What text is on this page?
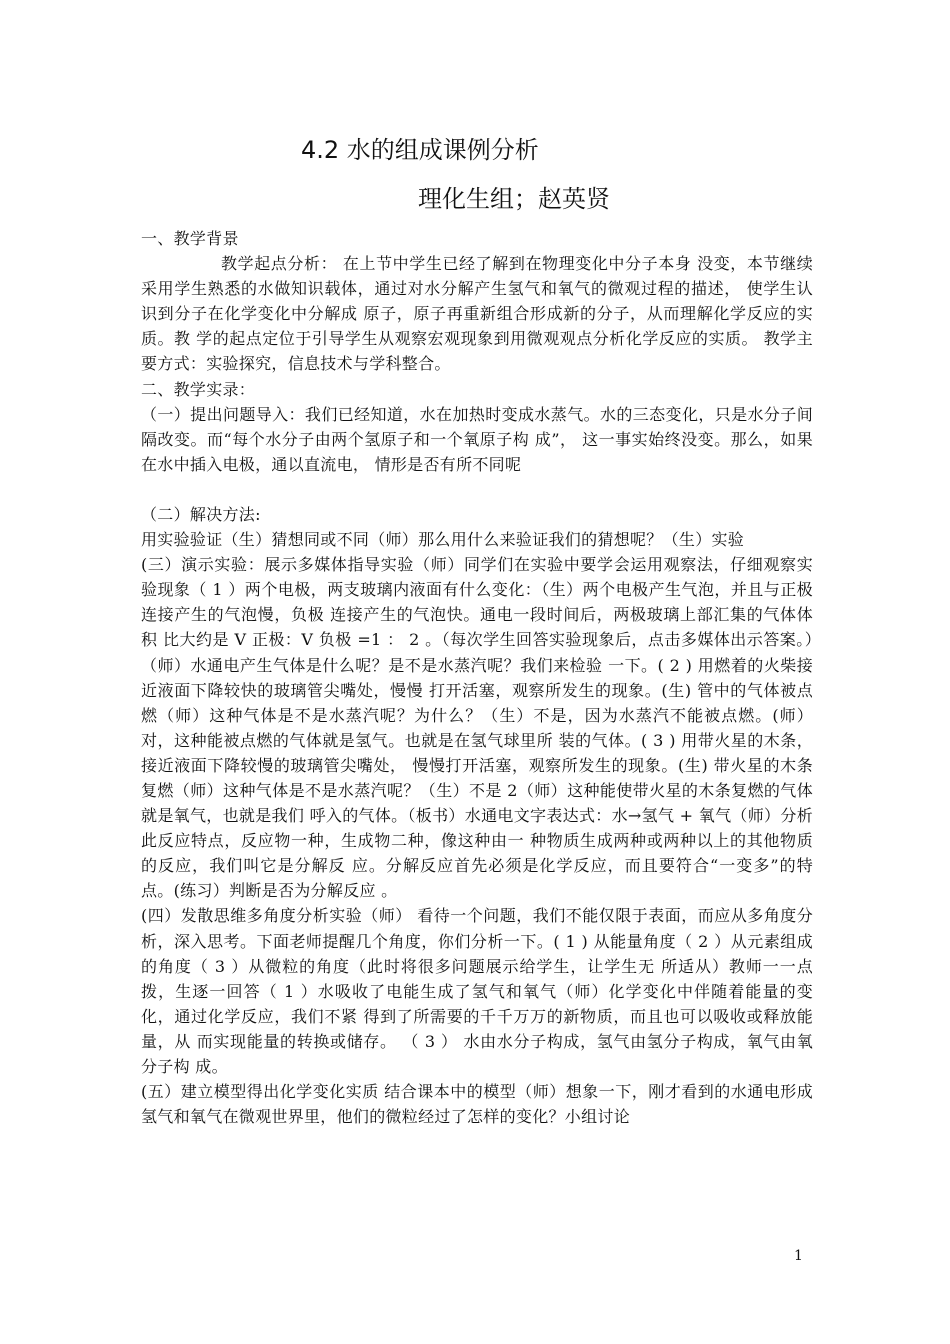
4.2 水的组成课例分析
理化生组；赵英贤

一、教学背景

教学起点分析： 在上节中学生已经了解到在物理变化中分子本身 没变，本节继续采用学生熟悉的水做知识载体，通过对水分解产生氢气和氧气的微观过程的描述， 使学生认识到分子在化学变化中分解成 原子，原子再重新组合形成新的分子，从而理解化学反应的实质。教 学的起点定位于引导学生从观察宏观现象到用微观观点分析化学反应的实质。 教学主要方式：实验探究，信息技术与学科整合。

二、教学实录：

（一）提出问题导入：我们已经知道，水在加热时变成水蒸气。水的三态变化，只是水分子间隔改变。而“每个水分子由两个氢原子和一个氧原子构 成”， 这一事实始终没变。那么，如果在水中插入电极，通以直流电， 情形是否有所不同呢

（二）解决方法:

用实验验证（生）猜想同或不同（师）那么用什么来验证我们的猜想呢？（生）实验

(三）演示实验：展示多媒体指导实验（师）同学们在实验中要学会运用观察法，仔细观察实验现象（ 1 ）两个电极，两支玻璃内液面有什么变化：（生）两个电极产生气泡，并且与正极连接产生的气泡慢，负极 连接产生的气泡快。通电一段时间后，两极玻璃上部汇集的气体体积 比大约是 V 正极：V 负极 =1 ： 2 。（每次学生回答实验现象后，点击多媒体出示答案。）（师）水通电产生气体是什么呢？是不是水蒸汽呢？我们来检验 一下。( 2 ) 用燃着的火柴接近液面下降较快的玻璃管尖嘴处，慢慢 打开活塞，观察所发生的现象。(生) 管中的气体被点燃（师）这种气体是不是水蒸汽呢？为什么？（生）不是，因为水蒸汽不能被点燃。(师）对，这种能被点燃的气体就是氢气。也就是在氢气球里所 装的气体。( 3 ) 用带火星的木条，接近液面下降较慢的玻璃管尖嘴处， 慢慢打开活塞，观察所发生的现象。(生) 带火星的木条复燃（师）这种气体是不是水蒸汽呢？（生）不是 2（师）这种能使带火星的木条复燃的气体就是氧气，也就是我们 呼入的气体。（板书）水通电文字表达式：水→氢气 + 氧气（师）分析此反应特点，反应物一种，生成物二种，像这种由一 种物质生成两种或两种以上的其他物质的反应，我们叫它是分解反 应。分解反应首先必须是化学反应，而且要符合“一变多”的特点。(练习）判断是否为分解反应 。

(四）发散思维多角度分析实验（师） 看待一个问题，我们不能仅限于表面，而应从多角度分析，深入思考。下面老师提醒几个角度，你们分析一下。( 1 ) 从能量角度（ 2 ）从元素组成的角度（ 3 ）从微粒的角度（此时将很多问题展示给学生，让学生无 所适从）教师一一点拨，生逐一回答（ 1 ）水吸收了电能生成了氢气和氧气（师）化学变化中伴随着能量的变化，通过化学反应，我们不紧 得到了所需要的千千万万的新物质，而且也可以吸收或释放能量，从 而实现能量的转换或储存。 （ 3 ） 水由水分子构成，氢气由氢分子构成，氧气由氧分子构 成。

(五）建立模型得出化学变化实质 结合课本中的模型（师）想象一下，刚才看到的水通电形成氢气和氧气在微观世界里，他们的微粒经过了怎样的变化？小组讨论

1
